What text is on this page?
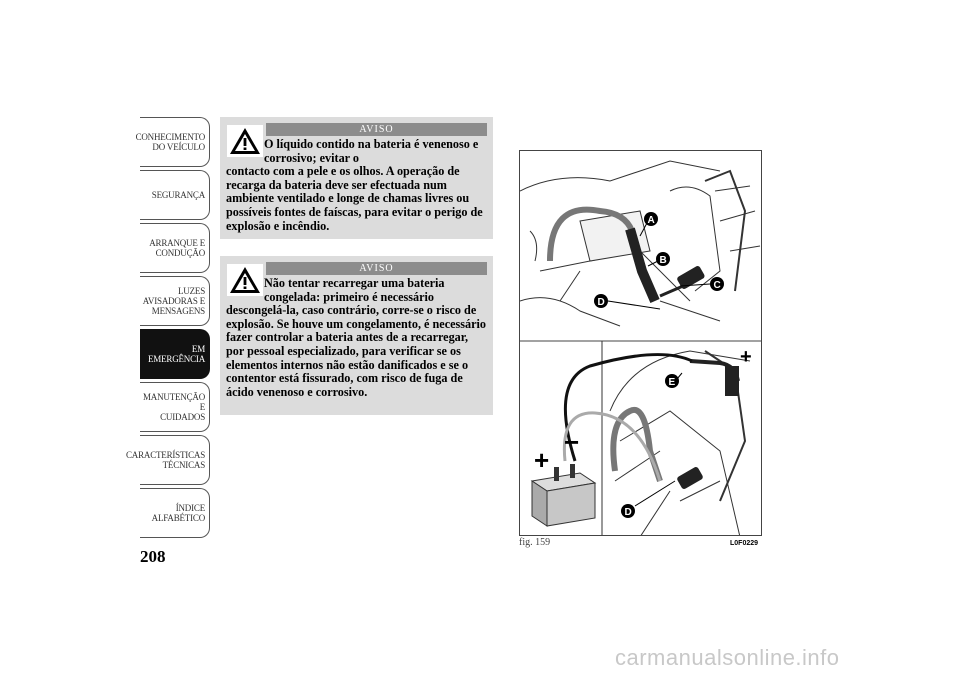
CONHECIMENTO
DO VEÍCULO
SEGURANÇA
ARRANQUE E
CONDUÇÃO
LUZES
AVISADORAS E
MENSAGENS
EM EMERGÊNCIA
MANUTENÇÃO E
CUIDADOS
CARACTERÍSTICAS
TÉCNICAS
ÍNDICE
ALFABÉTICO
208
AVISO
O líquido contido na bateria é venenoso e corrosivo; evitar o
contacto com a pele e os olhos. A operação de recarga da bateria deve ser efectuada num ambiente ventilado e longe de chamas livres ou possíveis fontes de faíscas, para evitar o perigo de explosão e incêndio.
AVISO
Não tentar recarregar uma bateria congelada: primeiro é necessário
descongelá-la, caso contrário, corre-se o risco de explosão. Se houve um congelamento, é necessário fazer controlar a bateria antes de a recarregar, por pessoal especializado, para verificar se os elementos internos não estão danificados e se o contentor está fissurado, com risco de fuga de ácido venenoso e corrosivo.
A
B
C
D
+
−
+
E
D
fig. 159	L0F0229
carmanualsonline.info
